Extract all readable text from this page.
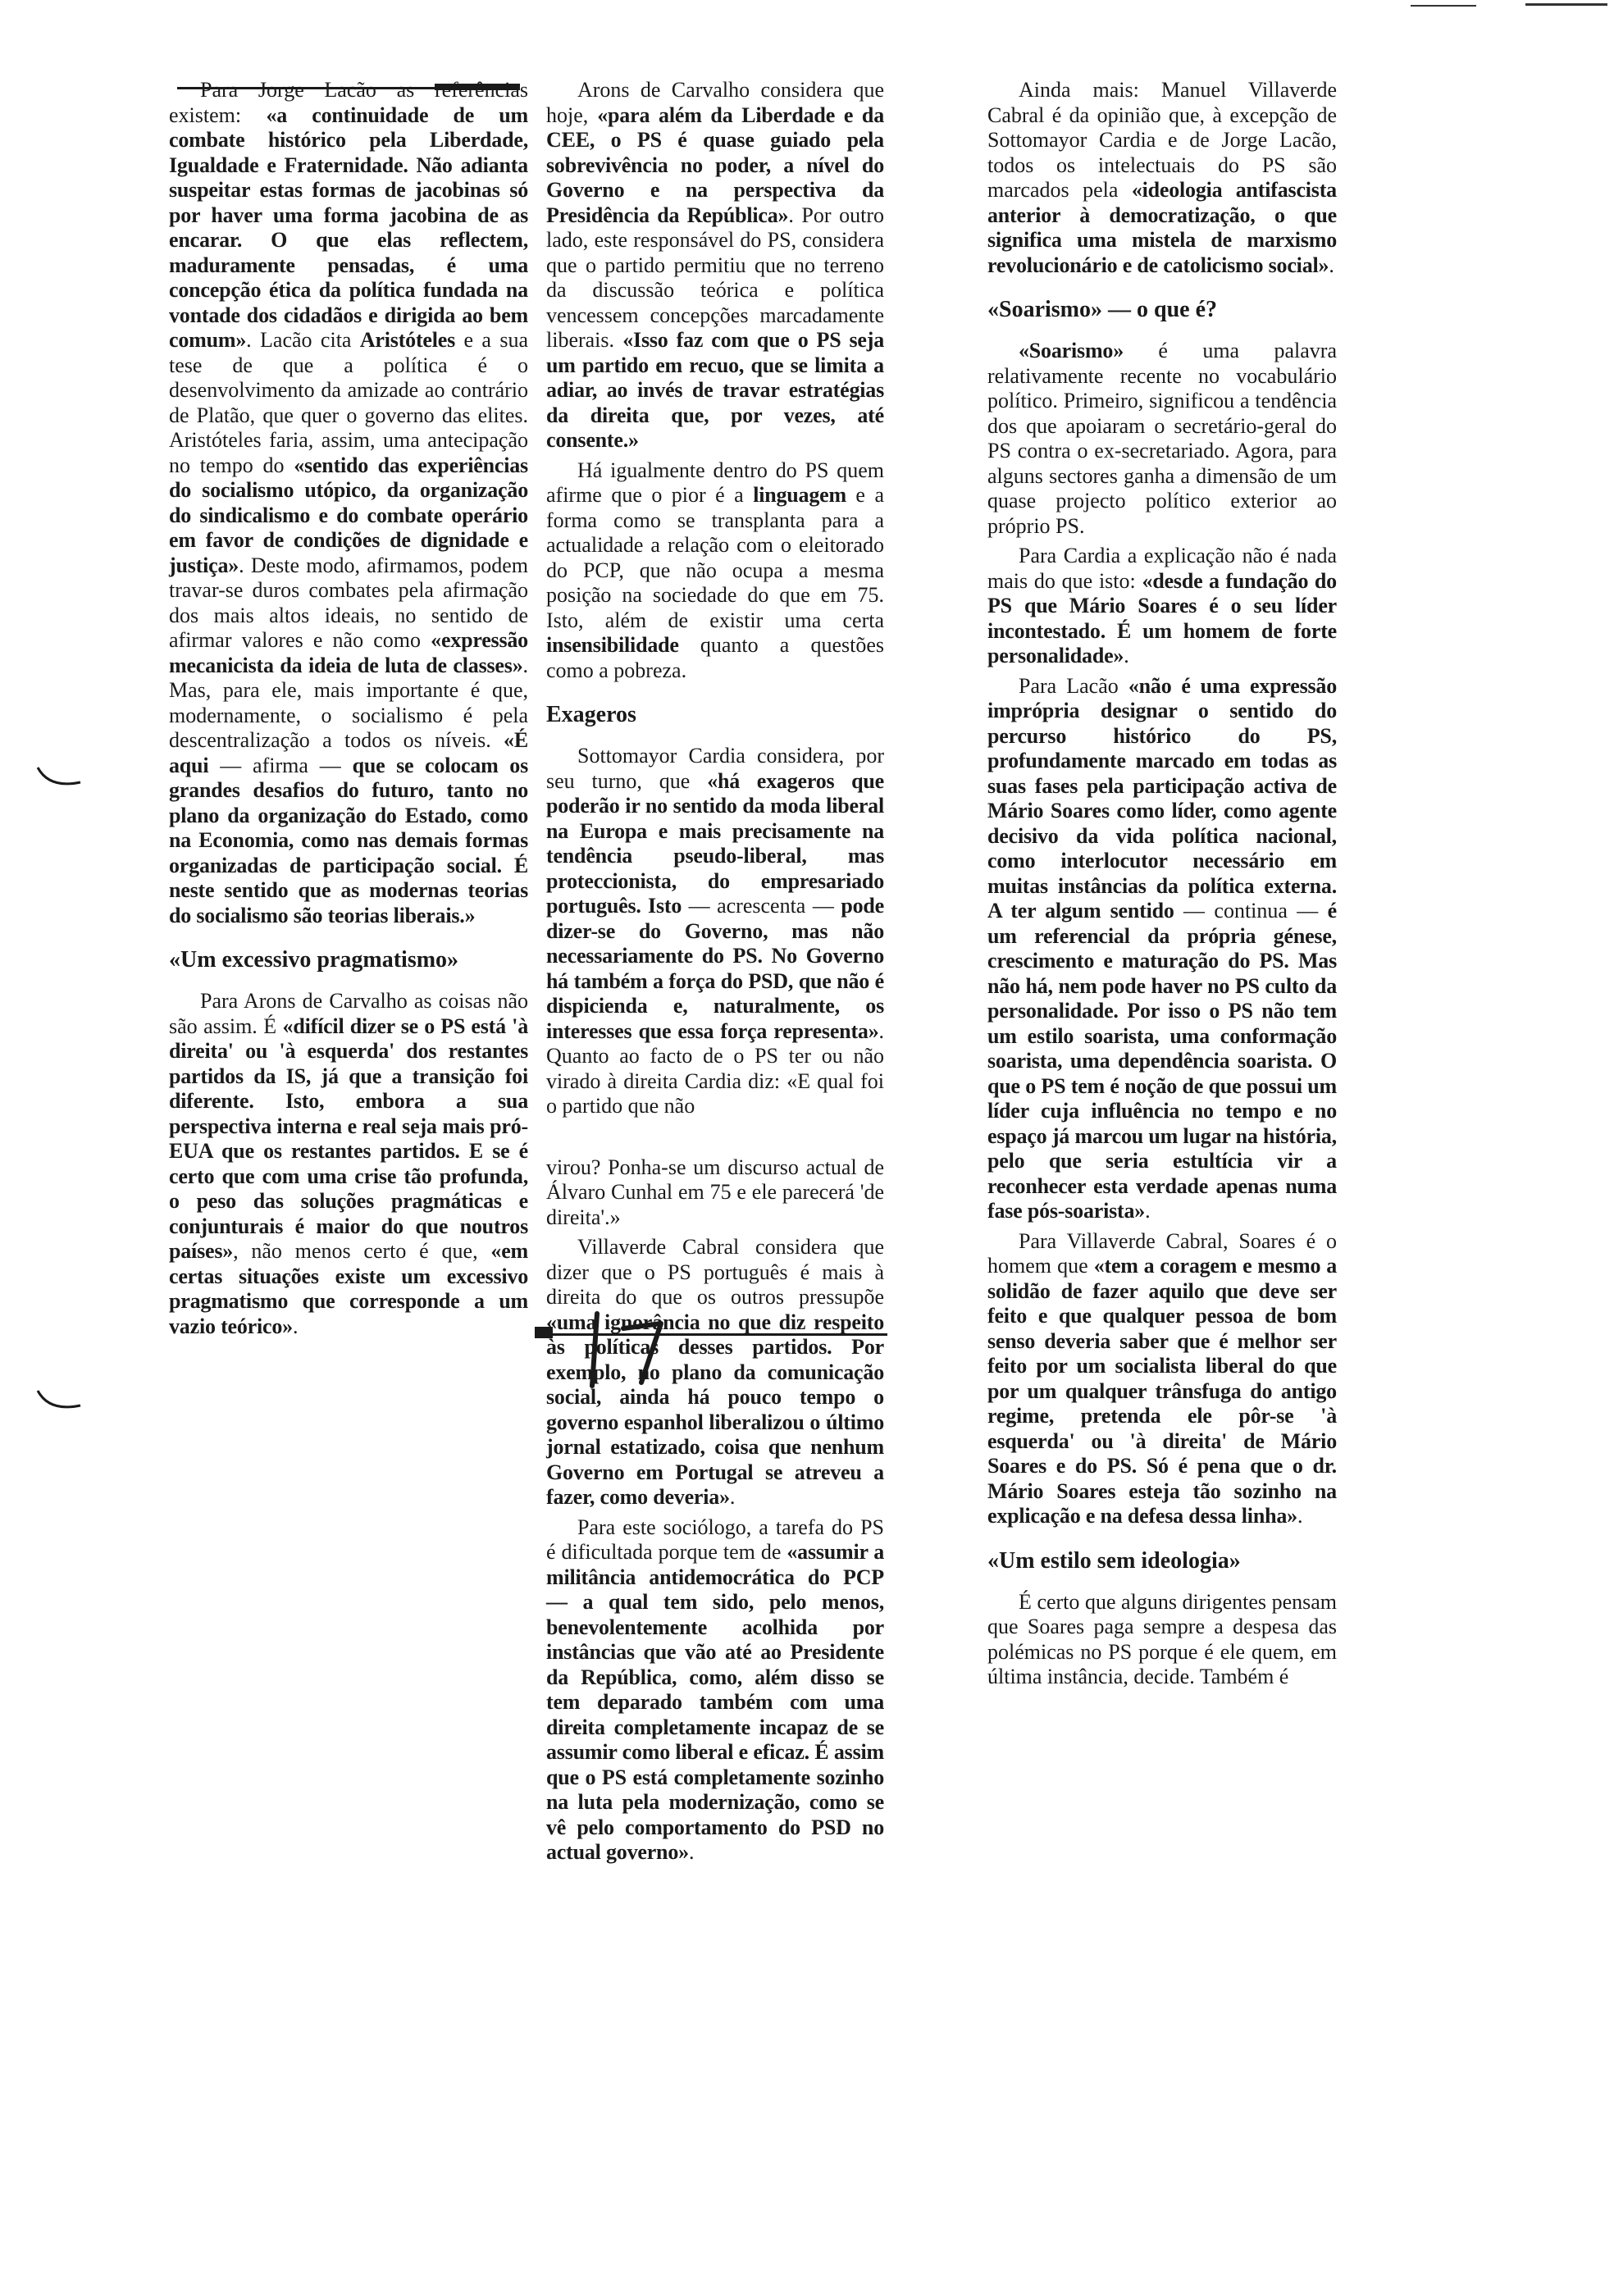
Para Jorge Lacão as referências existem: «a continuidade de um combate histórico pela Liberdade, Igualdade e Fraternidade. Não adianta suspeitar estas formas de jacobinas só por haver uma forma jacobina de as encarar. O que elas reflectem, maduramente pensadas, é uma concepção ética da política fundada na vontade dos cidadãos e dirigida ao bem comum». Lacão cita Aristóteles e a sua tese de que a política é o desenvolvimento da amizade ao contrário de Platão, que quer o governo das elites. Aristóteles faria, assim, uma antecipação no tempo do «sentido das experiências do socialismo utópico, da organização do sindicalismo e do combate operário em favor de condições de dignidade e justiça». Deste modo, afirmamos, podem travar-se duros combates pela afirmação dos mais altos ideais, no sentido de afirmar valores e não como «expressão mecanicista da ideia de luta de classes». Mas, para ele, mais importante é que, modernamente, o socialismo é pela descentralização a todos os níveis. «É aqui — afirma — que se colocam os grandes desafios do futuro, tanto no plano da organização do Estado, como na Economia, como nas demais formas organizadas de participação social. É neste sentido que as modernas teorias do socialismo são teorias liberais.»

«Um excessivo pragmatismo»

Para Arons de Carvalho as coisas não são assim. É «difícil dizer se o PS está 'à direita' ou 'à esquerda' dos restantes partidos da IS, já que a transição foi diferente. Isto, embora a sua perspectiva interna e real seja mais pró-EUA que os restantes partidos. E se é certo que com uma crise tão profunda, o peso das soluções pragmáticas e conjunturais é maior do que noutros países», não menos certo é que, «em certas situações existe um excessivo pragmatismo que corresponde a um vazio teórico».

Arons de Carvalho considera que hoje, «para além da Liberdade e da CEE, o PS é quase guiado pela sobrevivência no poder, a nível do Governo e na perspectiva da Presidência da República». Por outro lado, este responsável do PS, considera que o partido permitiu que no terreno da discussão teórica e política vencessem concepções marcadamente liberais. «Isso faz com que o PS seja um partido em recuo, que se limita a adiar, ao invés de travar estratégias da direita que, por vezes, até consente.»

Há igualmente dentro do PS quem afirme que o pior é a linguagem e a forma como se transplanta para a actualidade a relação com o eleitorado do PCP, que não ocupa a mesma posição na sociedade do que em 75. Isto, além de existir uma certa insensibilidade quanto a questões como a pobreza.

Exageros

Sottomayor Cardia considera, por seu turno, que «há exageros que poderão ir no sentido da moda liberal na Europa e mais precisamente na tendência pseudo-liberal, mas proteccionista, do empresariado português. Isto — acrescenta — pode dizer-se do Governo, mas não necessariamente do PS. No Governo há também a força do PSD, que não é dispicienda e, naturalmente, os interesses que essa força representa». Quanto ao facto de o PS ter ou não virado à direita Cardia diz: «E qual foi o partido que não

virou? Ponha-se um discurso actual de Álvaro Cunhal em 75 e ele parecerá 'de direita'.»

Villaverde Cabral considera que dizer que o PS português é mais à direita do que os outros pressupõe «uma ignorância no que diz respeito às políticas desses partidos. Por exemplo, no plano da comunicação social, ainda há pouco tempo o governo espanhol liberalizou o último jornal estatizado, coisa que nenhum Governo em Portugal se atreveu a fazer, como deveria».

Para este sociólogo, a tarefa do PS é dificultada porque tem de «assumir a militância antidemocrática do PCP — a qual tem sido, pelo menos, benevolentemente acolhida por instâncias que vão até ao Presidente da República, como, além disso se tem deparado também com uma direita completamente incapaz de se assumir como liberal e eficaz. É assim que o PS está completamente sozinho na luta pela modernização, como se vê pelo comportamento do PSD no actual governo».

Ainda mais: Manuel Villaverde Cabral é da opinião que, à excepção de Sottomayor Cardia e de Jorge Lacão, todos os intelectuais do PS são marcados pela «ideologia antifascista anterior à democratização, o que significa uma mistela de marxismo revolucionário e de catolicismo social».

«Soarismo» — o que é?

«Soarismo» é uma palavra relativamente recente no vocabulário político. Primeiro, significou a tendência dos que apoiaram o secretário-geral do PS contra o ex-secretariado. Agora, para alguns sectores ganha a dimensão de um quase projecto político exterior ao próprio PS.

Para Cardia a explicação não é nada mais do que isto: «desde a fundação do PS que Mário Soares é o seu líder incontestado. É um homem de forte personalidade».

Para Lacão «não é uma expressão imprópria designar o sentido do percurso histórico do PS, profundamente marcado em todas as suas fases pela participação activa de Mário Soares como líder, como agente decisivo da vida política nacional, como interlocutor necessário em muitas instâncias da política externa. A ter algum sentido — continua — é um referencial da própria génese, crescimento e maturação do PS. Mas não há, nem pode haver no PS culto da personalidade. Por isso o PS não tem um estilo soarista, uma conformação soarista, uma dependência soarista. O que o PS tem é noção de que possui um líder cuja influência no tempo e no espaço já marcou um lugar na história, pelo que seria estultícia vir a reconhecer esta verdade apenas numa fase pós-soarista».

Para Villaverde Cabral, Soares é o homem que «tem a coragem e mesmo a solidão de fazer aquilo que deve ser feito e que qualquer pessoa de bom senso deveria saber que é melhor ser feito por um socialista liberal do que por um qualquer trânsfuga do antigo regime, pretenda ele pôr-se 'à esquerda' ou 'à direita' de Mário Soares e do PS. Só é pena que o dr. Mário Soares esteja tão sozinho na explicação e na defesa dessa linha».

«Um estilo sem ideologia»

É certo que alguns dirigentes pensam que Soares paga sempre a despesa das polémicas no PS porque é ele quem, em última instância, decide. Também é
